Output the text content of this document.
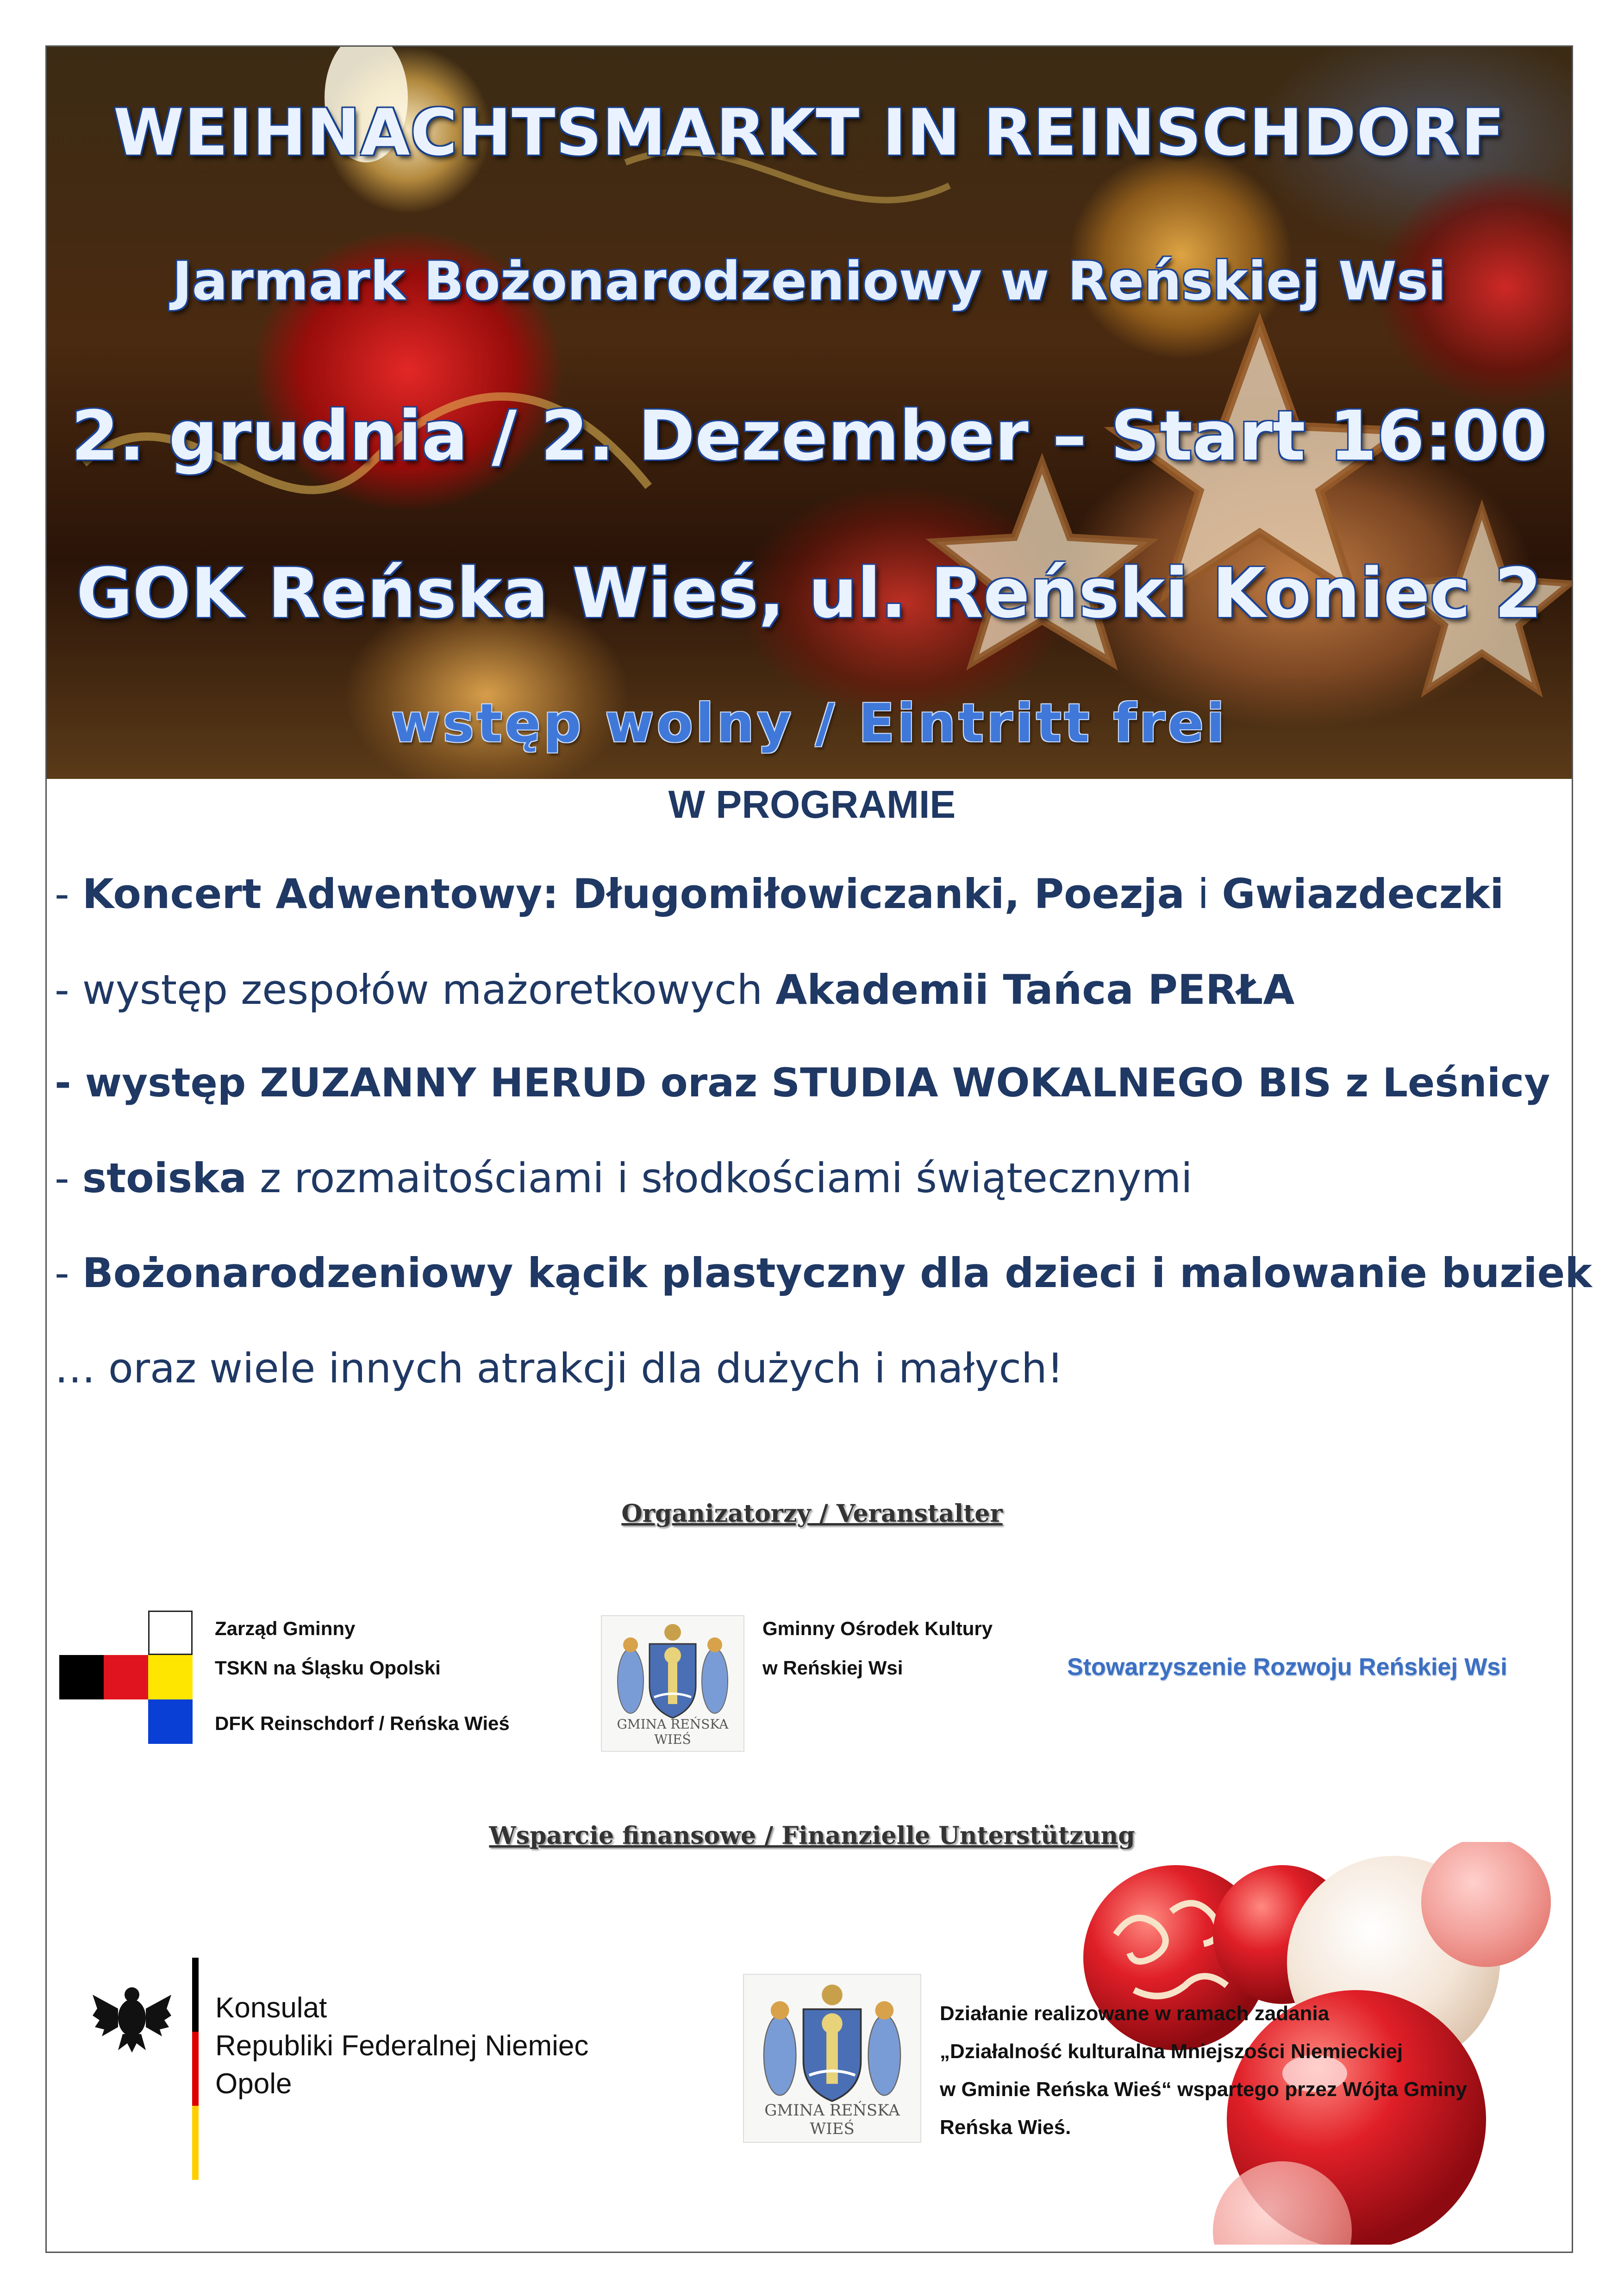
WEIHNACHTSMARKT IN REINSCHDORF
Jarmark Bożonarodzeniowy w Reńskiej Wsi
2. grudnia / 2. Dezember – Start 16:00
GOK Reńska Wieś, ul. Reński Koniec 2
wstęp wolny / Eintritt frei
W PROGRAMIE
- Koncert Adwentowy: Długomiłowiczanki, Poezja i Gwiazdeczki
- występ zespołów mażoretkowych Akademii Tańca PERŁA
- występ ZUZANNY HERUD oraz STUDIA WOKALNEGO BIS z Leśnicy
- stoiska z rozmaitościami i słodkościami świątecznymi
- Bożonarodzeniowy kącik plastyczny dla dzieci i malowanie buziek
… oraz wiele innych atrakcji dla dużych i małych!
Organizatorzy / Veranstalter
Zarząd Gminny
TSKN na Śląsku Opolski
DFK Reinschdorf / Reńska Wieś	GMINA REŃSKA WIEŚ
Gminny Ośrodek Kultury
w Reńskiej Wsi	Stowarzyszenie Rozwoju Reńskiej Wsi
Wsparcie finansowe / Finanzielle Unterstützung
Konsulat
Republiki Federalnej Niemiec
Opole
GMINA REŃSKA WIEŚ
Działanie realizowane w ramach zadania
„Działalność kulturalna Mniejszości Niemieckiej
w Gminie Reńska Wieś“ wspartego przez Wójta Gminy
Reńska Wieś.
